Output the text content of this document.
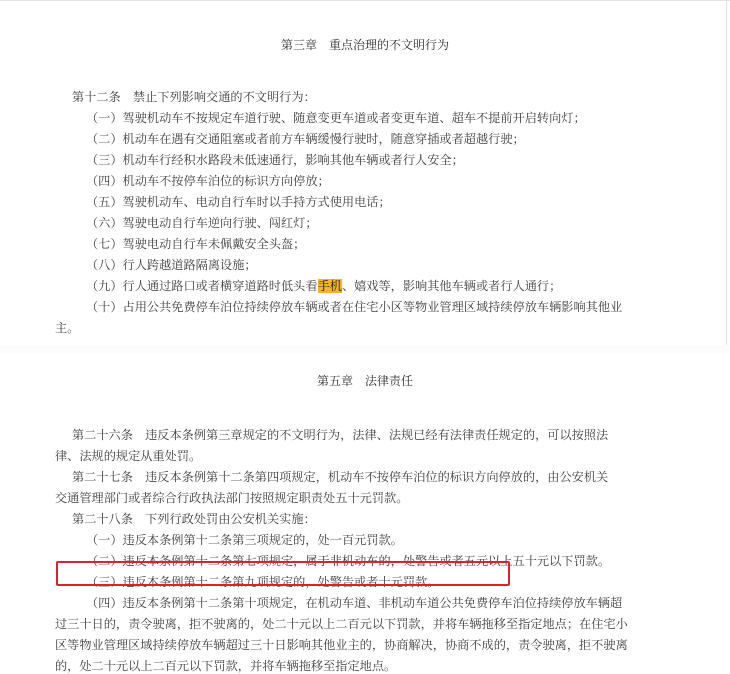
第三章　重点治理的不文明行为
第十二条　禁止下列影响交通的不文明行为：
（一）驾驶机动车不按规定车道行驶、随意变更车道或者变更车道、超车不提前开启转向灯；
（二）机动车在遇有交通阻塞或者前方车辆缓慢行驶时，随意穿插或者超越行驶；
（三）机动车行经积水路段未低速通行，影响其他车辆或者行人安全；
（四）机动车不按停车泊位的标识方向停放；
（五）驾驶机动车、电动自行车时以手持方式使用电话；
（六）驾驶电动自行车逆向行驶、闯红灯；
（七）驾驶电动自行车未佩戴安全头盔；
（八）行人跨越道路隔离设施；
（九）行人通过路口或者横穿道路时低头看手机、嬉戏等，影响其他车辆或者行人通行；
（十）占用公共免费停车泊位持续停放车辆或者在住宅小区等物业管理区域持续停放车辆影响其他业
主。
第五章　法律责任
第二十六条　违反本条例第三章规定的不文明行为，法律、法规已经有法律责任规定的，可以按照法
律、法规的规定从重处罚。
第二十七条　违反本条例第十二条第四项规定，机动车不按停车泊位的标识方向停放的，由公安机关
交通管理部门或者综合行政执法部门按照规定职责处五十元罚款。
第二十八条　下列行政处罚由公安机关实施：
（一）违反本条例第十二条第三项规定的，处一百元罚款。
（二）违反本条例第十二条第七项规定，属于非机动车的，处警告或者五元以上五十元以下罚款。
（三）违反本条例第十二条第九项规定的，处警告或者十元罚款。
（四）违反本条例第十二条第十项规定，在机动车道、非机动车道公共免费停车泊位持续停放车辆超
过三十日的，责令驶离，拒不驶离的，处二十元以上二百元以下罚款，并将车辆拖移至指定地点；在住宅小
区等物业管理区域持续停放车辆超过三十日影响其他业主的，协商解决，协商不成的，责令驶离，拒不驶离
的，处二十元以上二百元以下罚款，并将车辆拖移至指定地点。
